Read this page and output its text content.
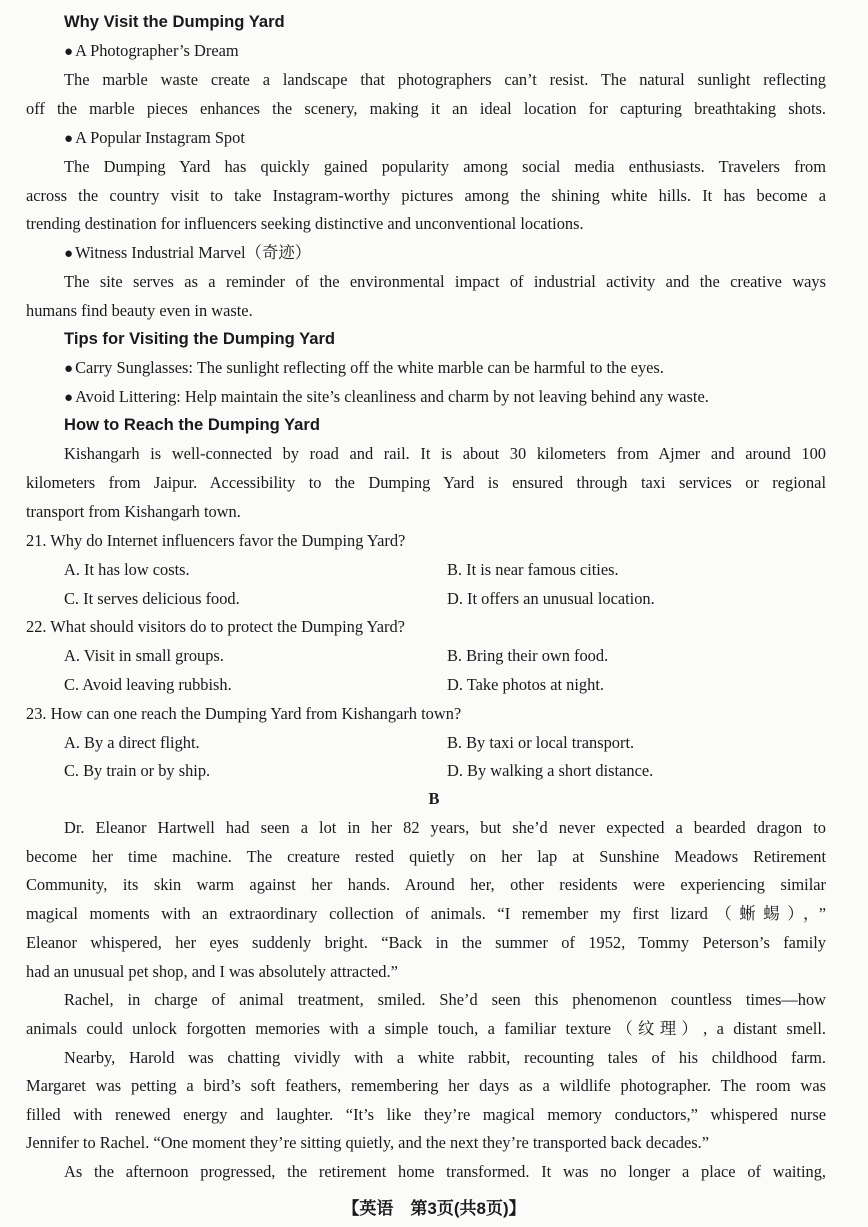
Why Visit the Dumping Yard
● A Photographer’s Dream
The marble waste create a landscape that photographers can’t resist. The natural sunlight reflecting
off the marble pieces enhances the scenery, making it an ideal location for capturing breathtaking shots.
● A Popular Instagram Spot
The Dumping Yard has quickly gained popularity among social media enthusiasts. Travelers from
across the country visit to take Instagram-worthy pictures among the shining white hills. It has become a
trending destination for influencers seeking distinctive and unconventional locations.
● Witness Industrial Marvel（奇迹）
The site serves as a reminder of the environmental impact of industrial activity and the creative ways
humans find beauty even in waste.
Tips for Visiting the Dumping Yard
● Carry Sunglasses: The sunlight reflecting off the white marble can be harmful to the eyes.
● Avoid Littering: Help maintain the site’s cleanliness and charm by not leaving behind any waste.
How to Reach the Dumping Yard
Kishangarh is well-connected by road and rail. It is about 30 kilometers from Ajmer and around 100
kilometers from Jaipur. Accessibility to the Dumping Yard is ensured through taxi services or regional
transport from Kishangarh town.
21. Why do Internet influencers favor the Dumping Yard?
A. It has low costs.	B. It is near famous cities.
C. It serves delicious food.	D. It offers an unusual location.
22. What should visitors do to protect the Dumping Yard?
A. Visit in small groups.	B. Bring their own food.
C. Avoid leaving rubbish.	D. Take photos at night.
23. How can one reach the Dumping Yard from Kishangarh town?
A. By a direct flight.	B. By taxi or local transport.
C. By train or by ship.	D. By walking a short distance.
B
Dr. Eleanor Hartwell had seen a lot in her 82 years, but she’d never expected a bearded dragon to
become her time machine. The creature rested quietly on her lap at Sunshine Meadows Retirement
Community, its skin warm against her hands. Around her, other residents were experiencing similar
magical moments with an extraordinary collection of animals. “I remember my first lizard（蜥蜴），”
Eleanor whispered, her eyes suddenly bright. “Back in the summer of 1952, Tommy Peterson’s family
had an unusual pet shop, and I was absolutely attracted.”
Rachel, in charge of animal treatment, smiled. She’d seen this phenomenon countless times—how
animals could unlock forgotten memories with a simple touch, a familiar texture（纹理）, a distant smell.
Nearby, Harold was chatting vividly with a white rabbit, recounting tales of his childhood farm.
Margaret was petting a bird’s soft feathers, remembering her days as a wildlife photographer. The room was
filled with renewed energy and laughter. “It’s like they’re magical memory conductors,” whispered nurse
Jennifer to Rachel. “One moment they’re sitting quietly, and the next they’re transported back decades.”
As the afternoon progressed, the retirement home transformed. It was no longer a place of waiting,
【英语　第3页(共8页)】
